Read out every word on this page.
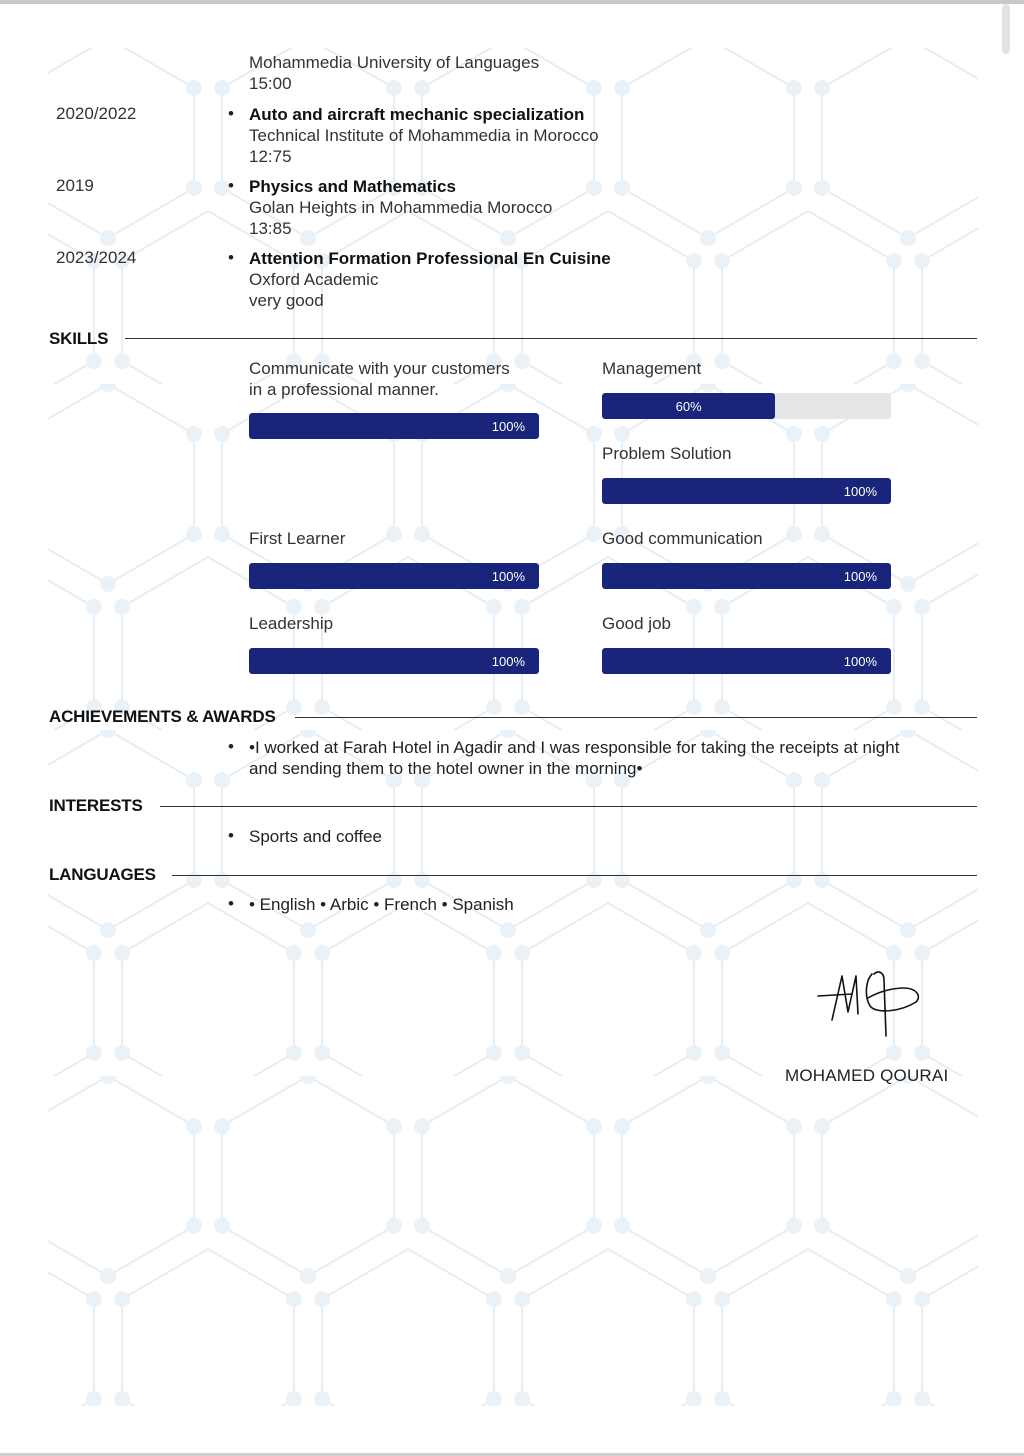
Mohammedia University of Languages
15:00
2020/2022	• Auto and aircraft mechanic specialization
Technical Institute of Mohammedia in Morocco
12:75
2019	• Physics and Mathematics
Golan Heights in Mohammedia Morocco
13:85
2023/2024	• Attention Formation Professional En Cuisine
Oxford Academic
very good
SKILLS
Communicate with your customers
in a professional manner.
100%
Management
60%
Problem Solution
100%
First Learner
100%
Good communication
100%
Leadership
100%
Good job
100%
ACHIEVEMENTS & AWARDS
• •I worked at Farah Hotel in Agadir and I was responsible for taking the receipts at night
and sending them to the hotel owner in the morning•
INTERESTS
• Sports and coffee
LANGUAGES
• • English • Arbic • French • Spanish
MOHAMED QOURAI
